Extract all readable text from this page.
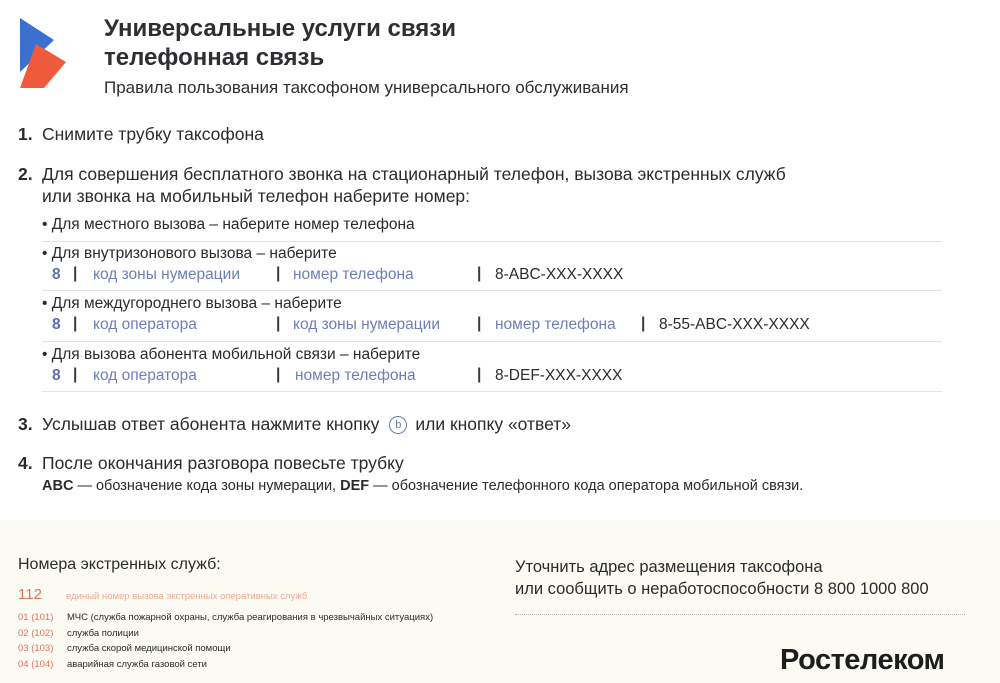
Универсальные услуги связи
телефонная связь
Правила пользования таксофоном универсального обслуживания
1. Снимите трубку таксофона
2. Для совершения бесплатного звонка на стационарный телефон, вызова экстренных служб
или звонка на мобильный телефон наберите номер:
• Для местного вызова – наберите номер телефона
• Для внутризонового вызова – наберите
8 | код зоны нумерации | номер телефона	| 8-ABC-XXX-XXXX
• Для междугороднего вызова – наберите
8 | код оператора	| код зоны нумерации | номер телефона | 8-55-ABC-XXX-XXXX
• Для вызова абонента мобильной связи – наберите
8 | код оператора	| номер телефона	| 8-DEF-XXX-XXXX
3. Услышав ответ абонента нажмите кнопку b или кнопку «ответ»
4. После окончания разговора повесьте трубку
ABC — обозначение кода зоны нумерации, DEF — обозначение телефонного кода оператора мобильной связи.
Номера экстренных служб:
112	единый номер вызова экстренных оперативных служб
01 (101) МЧС (служба пожарной охраны, служба реагирования в чрезвычайных ситуациях)
02 (102) служба полиции
03 (103) служба скорой медицинской помощи
04 (104) аварийная служба газовой сети
Уточнить адрес размещения таксофона
или сообщить о неработоспособности 8 800 1000 800
Ростелеком
